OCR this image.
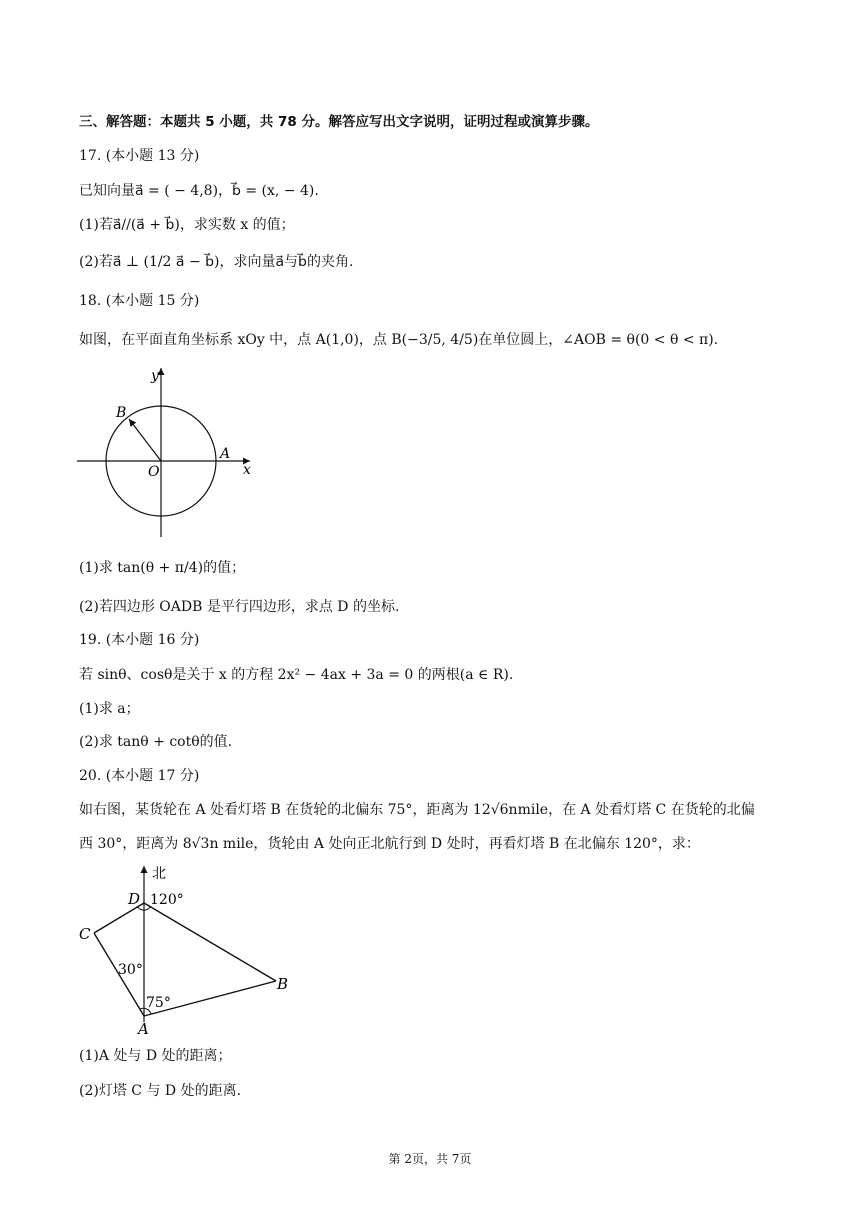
三、解答题：本题共 5 小题，共 78 分。解答应写出文字说明，证明过程或演算步骤。
17. (本小题 13 分)
已知向量a⃗ = ( − 4,8)，b⃗ = (x, − 4).
(1)若a⃗//(a⃗ + b⃗)，求实数 x 的值；
(2)若a⃗ ⊥ (1/2 a⃗ − b⃗)，求向量a⃗与b⃗的夹角.
18. (本小题 15 分)
如图，在平面直角坐标系 xOy 中，点 A(1,0)，点 B(−3/5, 4/5)在单位圆上，∠AOB = θ(0 < θ < π).
y
x
O
A
B
(1)求 tan(θ + π/4)的值；
(2)若四边形 OADB 是平行四边形，求点 D 的坐标.
19. (本小题 16 分)
若 sinθ、cosθ是关于 x 的方程 2x² − 4ax + 3a = 0 的两根(a ∈ R).
(1)求 a；
(2)求 tanθ + cotθ的值.
20. (本小题 17 分)
如右图，某货轮在 A 处看灯塔 B 在货轮的北偏东 75°，距离为 12√6nmile，在 A 处看灯塔 C 在货轮的北偏
西 30°，距离为 8√3n mile，货轮由 A 处向正北航行到 D 处时，再看灯塔 B 在北偏东 120°，求：
北
D 120°
C
30°
75°
B
A
(1)A 处与 D 处的距离；
(2)灯塔 C 与 D 处的距离.
第 2页，共 7页
